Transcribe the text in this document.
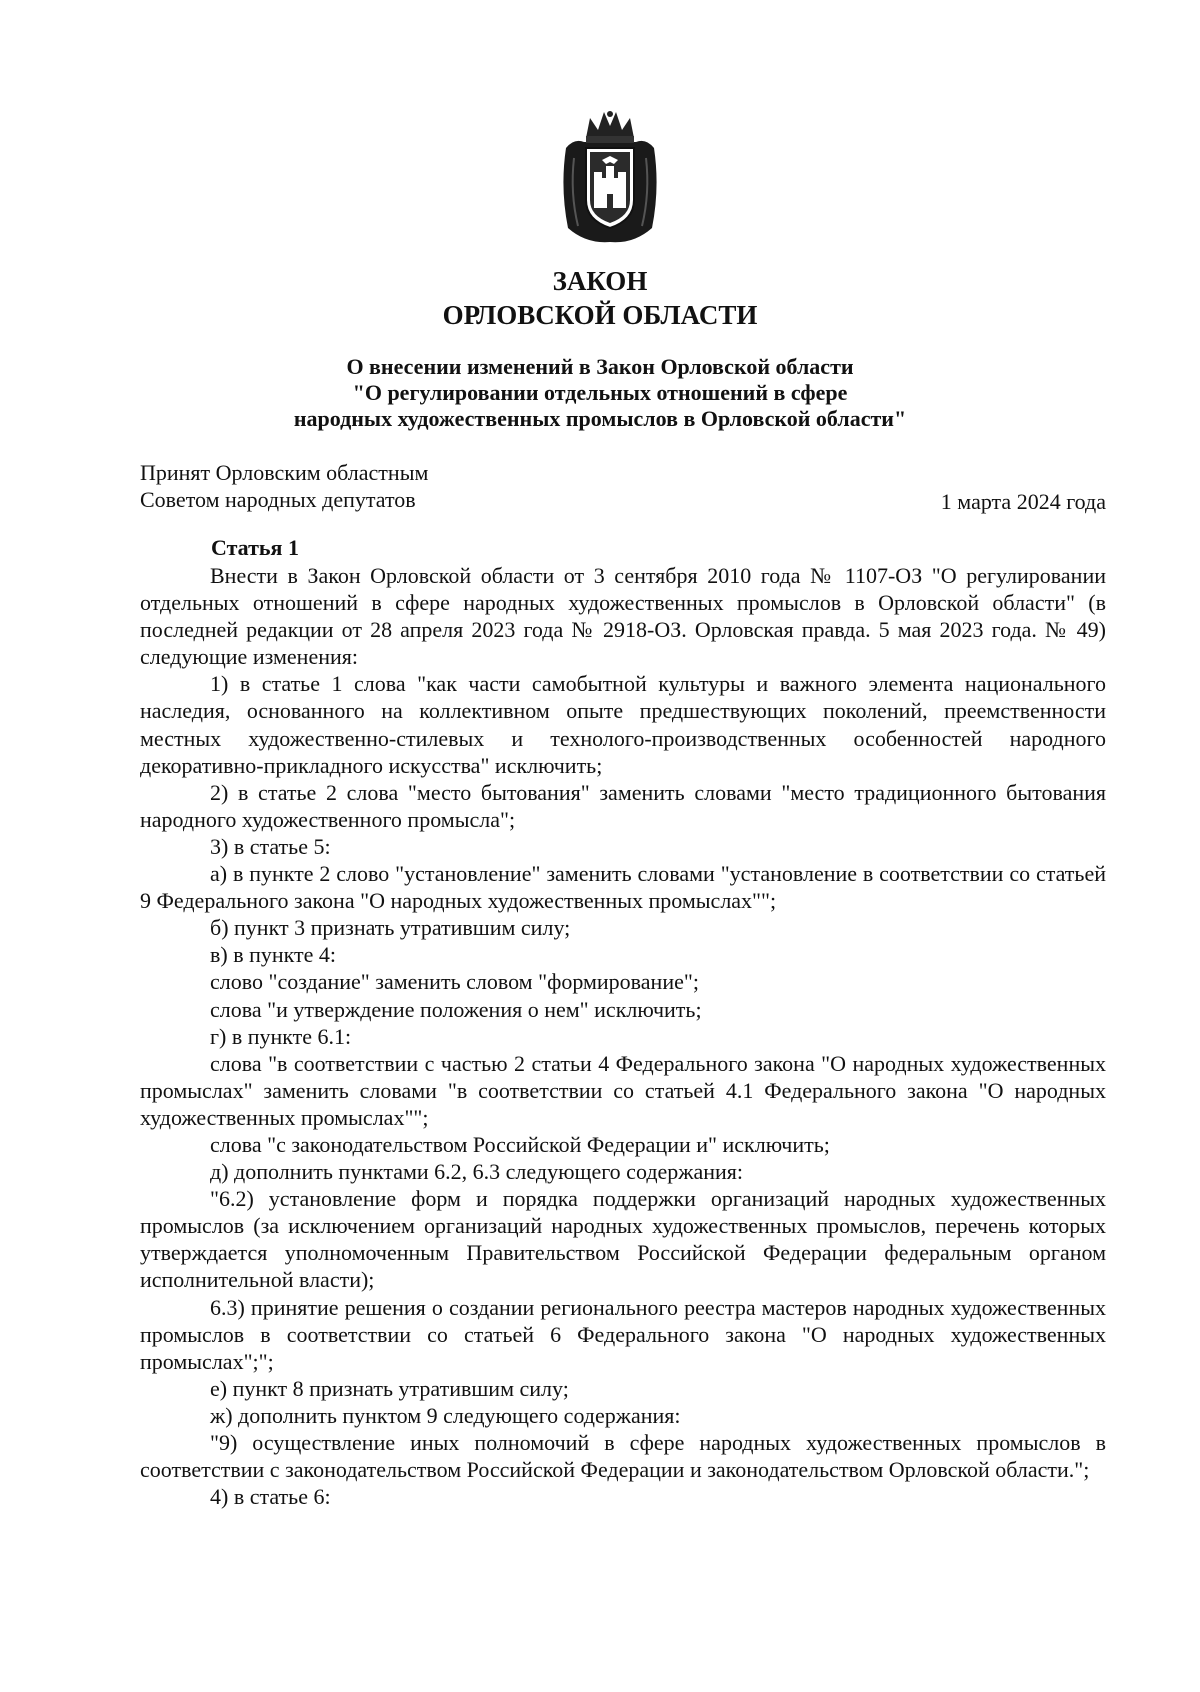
ЗАКОН
ОРЛОВСКОЙ ОБЛАСТИ
О внесении изменений в Закон Орловской области
"О регулировании отдельных отношений в сфере
народных художественных промыслов в Орловской области"
Принят Орловским областным
Советом народных депутатов	1 марта 2024 года
Статья 1

Внести в Закон Орловской области от 3 сентября 2010 года № 1107-ОЗ "О регулировании отдельных отношений в сфере народных художественных промыслов в Орловской области" (в последней редакции от 28 апреля 2023 года № 2918-ОЗ. Орловская правда. 5 мая 2023 года. № 49) следующие изменения:

1) в статье 1 слова "как части самобытной культуры и важного элемента национального наследия, основанного на коллективном опыте предшествующих поколений, преемственности местных художественно-стилевых и технолого-производственных особенностей народного декоративно-прикладного искусства" исключить;

2) в статье 2 слова "место бытования" заменить словами "место традиционного бытования народного художественного промысла";

3) в статье 5:

а) в пункте 2 слово "установление" заменить словами "установление в соответствии со статьей 9 Федерального закона "О народных художественных промыслах"";

б) пункт 3 признать утратившим силу;

в) в пункте 4:

слово "создание" заменить словом "формирование";

слова "и утверждение положения о нем" исключить;

г) в пункте 6.1:

слова "в соответствии с частью 2 статьи 4 Федерального закона "О народных художественных промыслах" заменить словами "в соответствии со статьей 4.1 Федерального закона "О народных художественных промыслах"";

слова "с законодательством Российской Федерации и" исключить;

д) дополнить пунктами 6.2, 6.3 следующего содержания:

"6.2) установление форм и порядка поддержки организаций народных художественных промыслов (за исключением организаций народных художественных промыслов, перечень которых утверждается уполномоченным Правительством Российской Федерации федеральным органом исполнительной власти);

6.3) принятие решения о создании регионального реестра мастеров народных художественных промыслов в соответствии со статьей 6 Федерального закона "О народных художественных промыслах";";

е) пункт 8 признать утратившим силу;

ж) дополнить пунктом 9 следующего содержания:

"9) осуществление иных полномочий в сфере народных художественных промыслов в соответствии с законодательством Российской Федерации и законодательством Орловской области.";

4) в статье 6:
